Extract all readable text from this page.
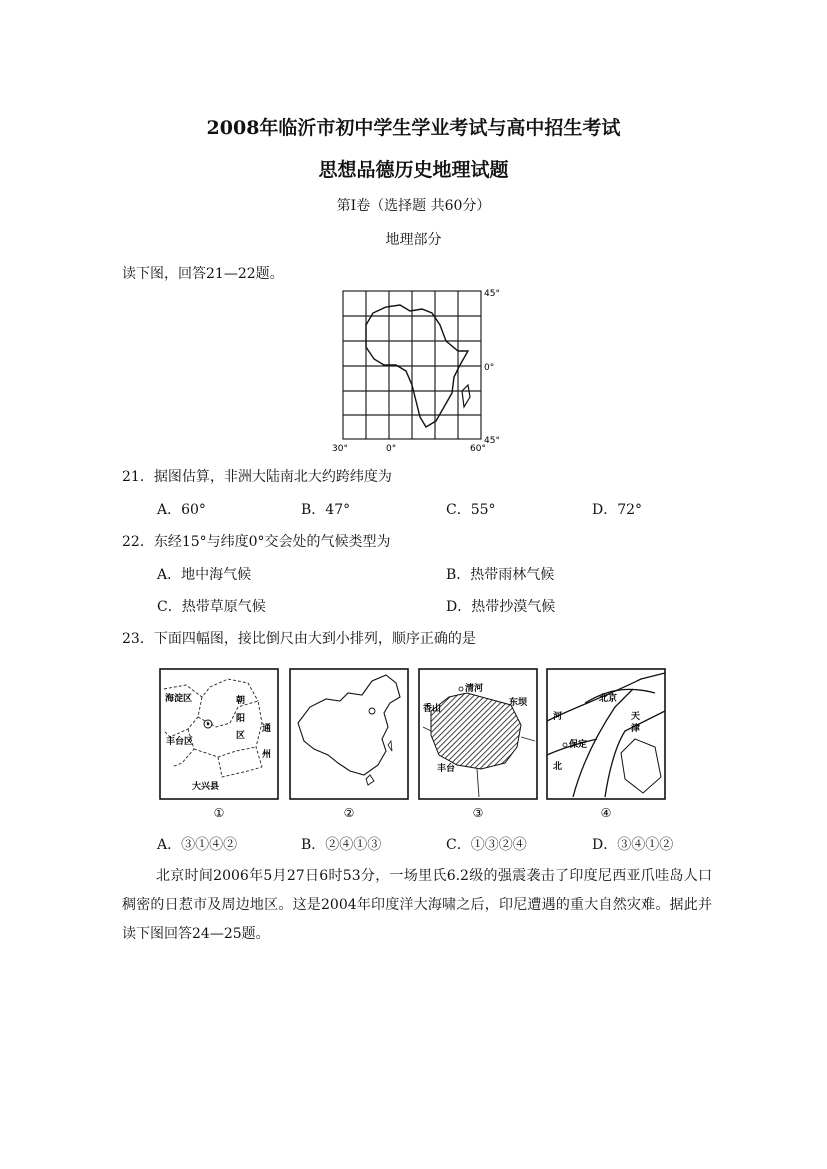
2008年临沂市初中学生学业考试与高中招生考试
思想品德历史地理试题
第Ⅰ卷（选择题 共60分）
地理部分
读下图，回答21—22题。
45°
0°
45°
30°	0°	60°
21．据图估算，非洲大陆南北大约跨纬度为
A．60°	B．47°	C．55°	D．72°
22．东经15°与纬度0°交会处的气候类型为
A．地中海气候	B．热带雨林气候
C．热带草原气候	D．热带抄漠气候
23．下面四幅图，接比倒尺由大到小排列，顺序正确的是
海淀区	朝
阳
区
丰台区
通
州
大兴县
①	②
清河
香山
东坝
丰台
③
北京
天
津
河
保定
北
④
A．③①④②	B．②④①③	C．①③②④	D．③④①②
北京时间2006年5月27日6时53分，一场里氏6.2级的强震袭击了印度尼西亚爪哇岛人口稠密的日惹市及周边地区。这是2004年印度洋大海啸之后，印尼遭遇的重大自然灾难。据此并读下图回答24—25题。
